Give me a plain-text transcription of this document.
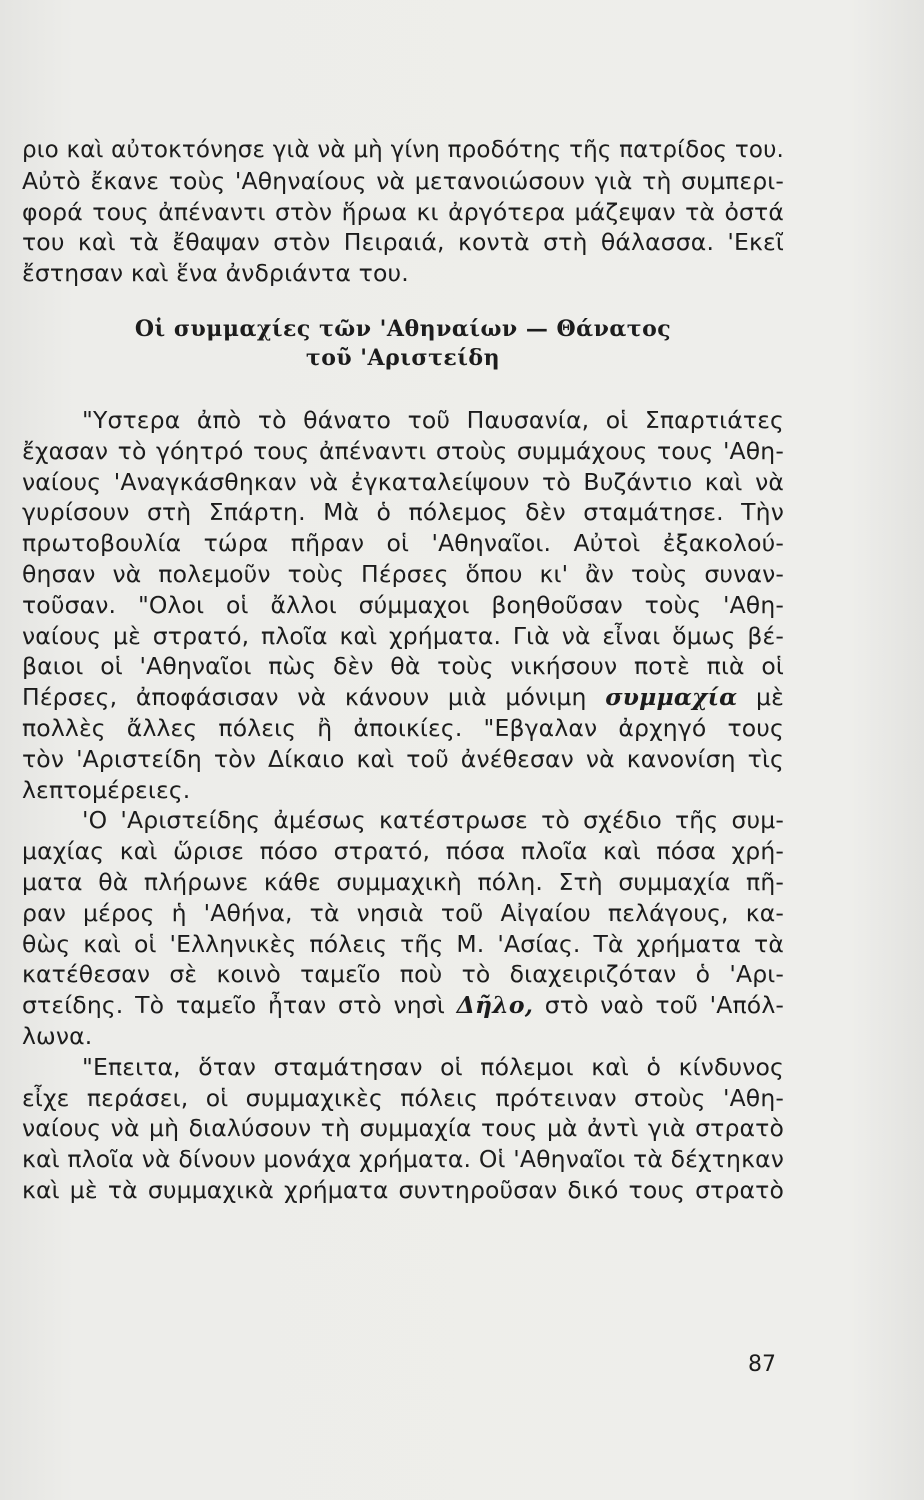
ριο καὶ αὐτοκτόνησε γιὰ νὰ μὴ γίνη προδότης τῆς πατρίδος του.
Αὐτὸ ἔκανε τοὺς 'Αθηναίους νὰ μετανοιώσουν γιὰ τὴ συμπερι-
φορά τους ἀπέναντι στὸν ἥρωα κι ἀργότερα μάζεψαν τὰ ὀστά
του καὶ τὰ ἔθαψαν στὸν Πειραιά, κοντὰ στὴ θάλασσα. 'Εκεῖ
ἔστησαν καὶ ἕνα ἀνδριάντα του.
Οἱ συμμαχίες τῶν 'Αθηναίων — Θάνατος
τοῦ 'Αριστείδη
"Υστερα ἀπὸ τὸ θάνατο τοῦ Παυσανία, οἱ Σπαρτιάτες
ἔχασαν τὸ γόητρό τους ἀπέναντι στοὺς συμμάχους τους 'Αθη-
ναίους 'Αναγκάσθηκαν νὰ ἐγκαταλείψουν τὸ Βυζάντιο καὶ νὰ
γυρίσουν στὴ Σπάρτη. Μὰ ὁ πόλεμος δὲν σταμάτησε. Τὴν
πρωτοβουλία τώρα πῆραν οἱ 'Αθηναῖοι. Αὐτοὶ ἐξακολού-
θησαν νὰ πολεμοῦν τοὺς Πέρσες ὅπου κι' ἂν τοὺς συναν-
τοῦσαν. "Ολοι οἱ ἄλλοι σύμμαχοι βοηθοῦσαν τοὺς 'Αθη-
ναίους μὲ στρατό, πλοῖα καὶ χρήματα. Γιὰ νὰ εἶναι ὅμως βέ-
βαιοι οἱ 'Αθηναῖοι πὼς δὲν θὰ τοὺς νικήσουν ποτὲ πιὰ οἱ
Πέρσες, ἀποφάσισαν νὰ κάνουν μιὰ μόνιμη συμμαχία μὲ
πολλὲς ἄλλες πόλεις ἢ ἀποικίες. "Εβγαλαν ἀρχηγό τους
τὸν 'Αριστείδη τὸν Δίκαιο καὶ τοῦ ἀνέθεσαν νὰ κανονίση τὶς
λεπτομέρειες.
'Ο 'Αριστείδης ἀμέσως κατέστρωσε τὸ σχέδιο τῆς συμ-
μαχίας καὶ ὥρισε πόσο στρατό, πόσα πλοῖα καὶ πόσα χρή-
ματα θὰ πλήρωνε κάθε συμμαχικὴ πόλη. Στὴ συμμαχία πῆ-
ραν μέρος ἡ 'Αθήνα, τὰ νησιὰ τοῦ Αἰγαίου πελάγους, κα-
θὼς καὶ οἱ 'Ελληνικὲς πόλεις τῆς Μ. 'Ασίας. Τὰ χρήματα τὰ
κατέθεσαν σὲ κοινὸ ταμεῖο ποὺ τὸ διαχειριζόταν ὁ 'Αρι-
στείδης. Τὸ ταμεῖο ἦταν στὸ νησὶ Δῆλο, στὸ ναὸ τοῦ 'Απόλ-
λωνα.
"Επειτα, ὅταν σταμάτησαν οἱ πόλεμοι καὶ ὁ κίνδυνος
εἶχε περάσει, οἱ συμμαχικὲς πόλεις πρότειναν στοὺς 'Αθη-
ναίους νὰ μὴ διαλύσουν τὴ συμμαχία τους μὰ ἀντὶ γιὰ στρατὸ
καὶ πλοῖα νὰ δίνουν μονάχα χρήματα. Οἱ 'Αθηναῖοι τὰ δέχτηκαν
καὶ μὲ τὰ συμμαχικὰ χρήματα συντηροῦσαν δικό τους στρατὸ
87
